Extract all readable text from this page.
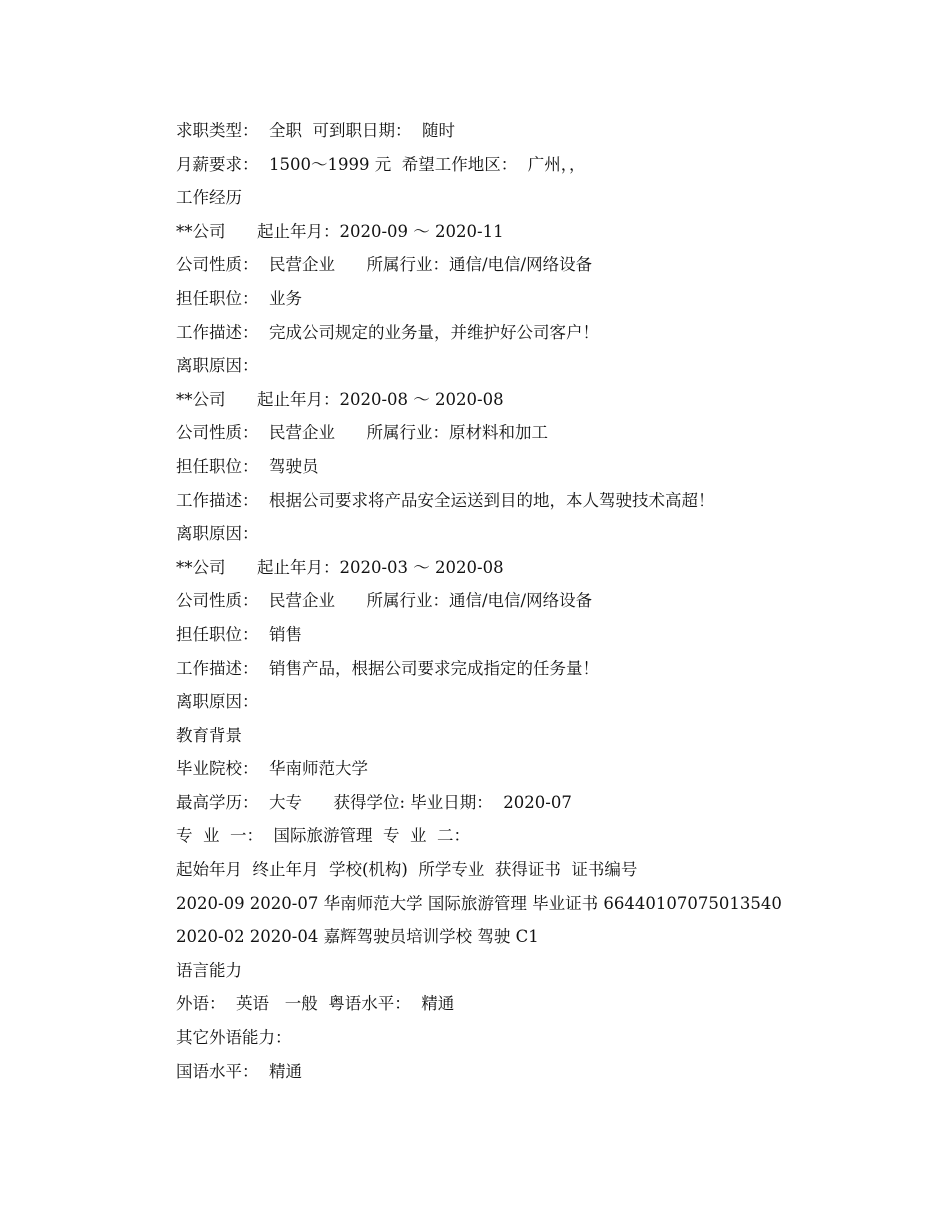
求职类型：  全职  可到职日期：  随时
月薪要求：  1500～1999 元  希望工作地区：  广州，，
工作经历
**公司      起止年月：2020-09 ～ 2020-11
公司性质：  民营企业      所属行业：通信/电信/网络设备
担任职位：  业务
工作描述：  完成公司规定的业务量，并维护好公司客户！
离职原因：
**公司      起止年月：2020-08 ～ 2020-08
公司性质：  民营企业      所属行业：原材料和加工
担任职位：  驾驶员
工作描述：  根据公司要求将产品安全运送到目的地，本人驾驶技术高超！
离职原因：
**公司      起止年月：2020-03 ～ 2020-08
公司性质：  民营企业      所属行业：通信/电信/网络设备
担任职位：  销售
工作描述：  销售产品，根据公司要求完成指定的任务量！
离职原因：
教育背景
毕业院校：  华南师范大学
最高学历：  大专      获得学位: 毕业日期：  2020-07
专  业  一：  国际旅游管理  专  业  二：
起始年月  终止年月  学校(机构)  所学专业  获得证书  证书编号
2020-09 2020-07 华南师范大学 国际旅游管理 毕业证书 66440107075013540
2020-02 2020-04 嘉辉驾驶员培训学校 驾驶 C1
语言能力
外语：  英语   一般  粤语水平：  精通
其它外语能力：
国语水平：  精通
